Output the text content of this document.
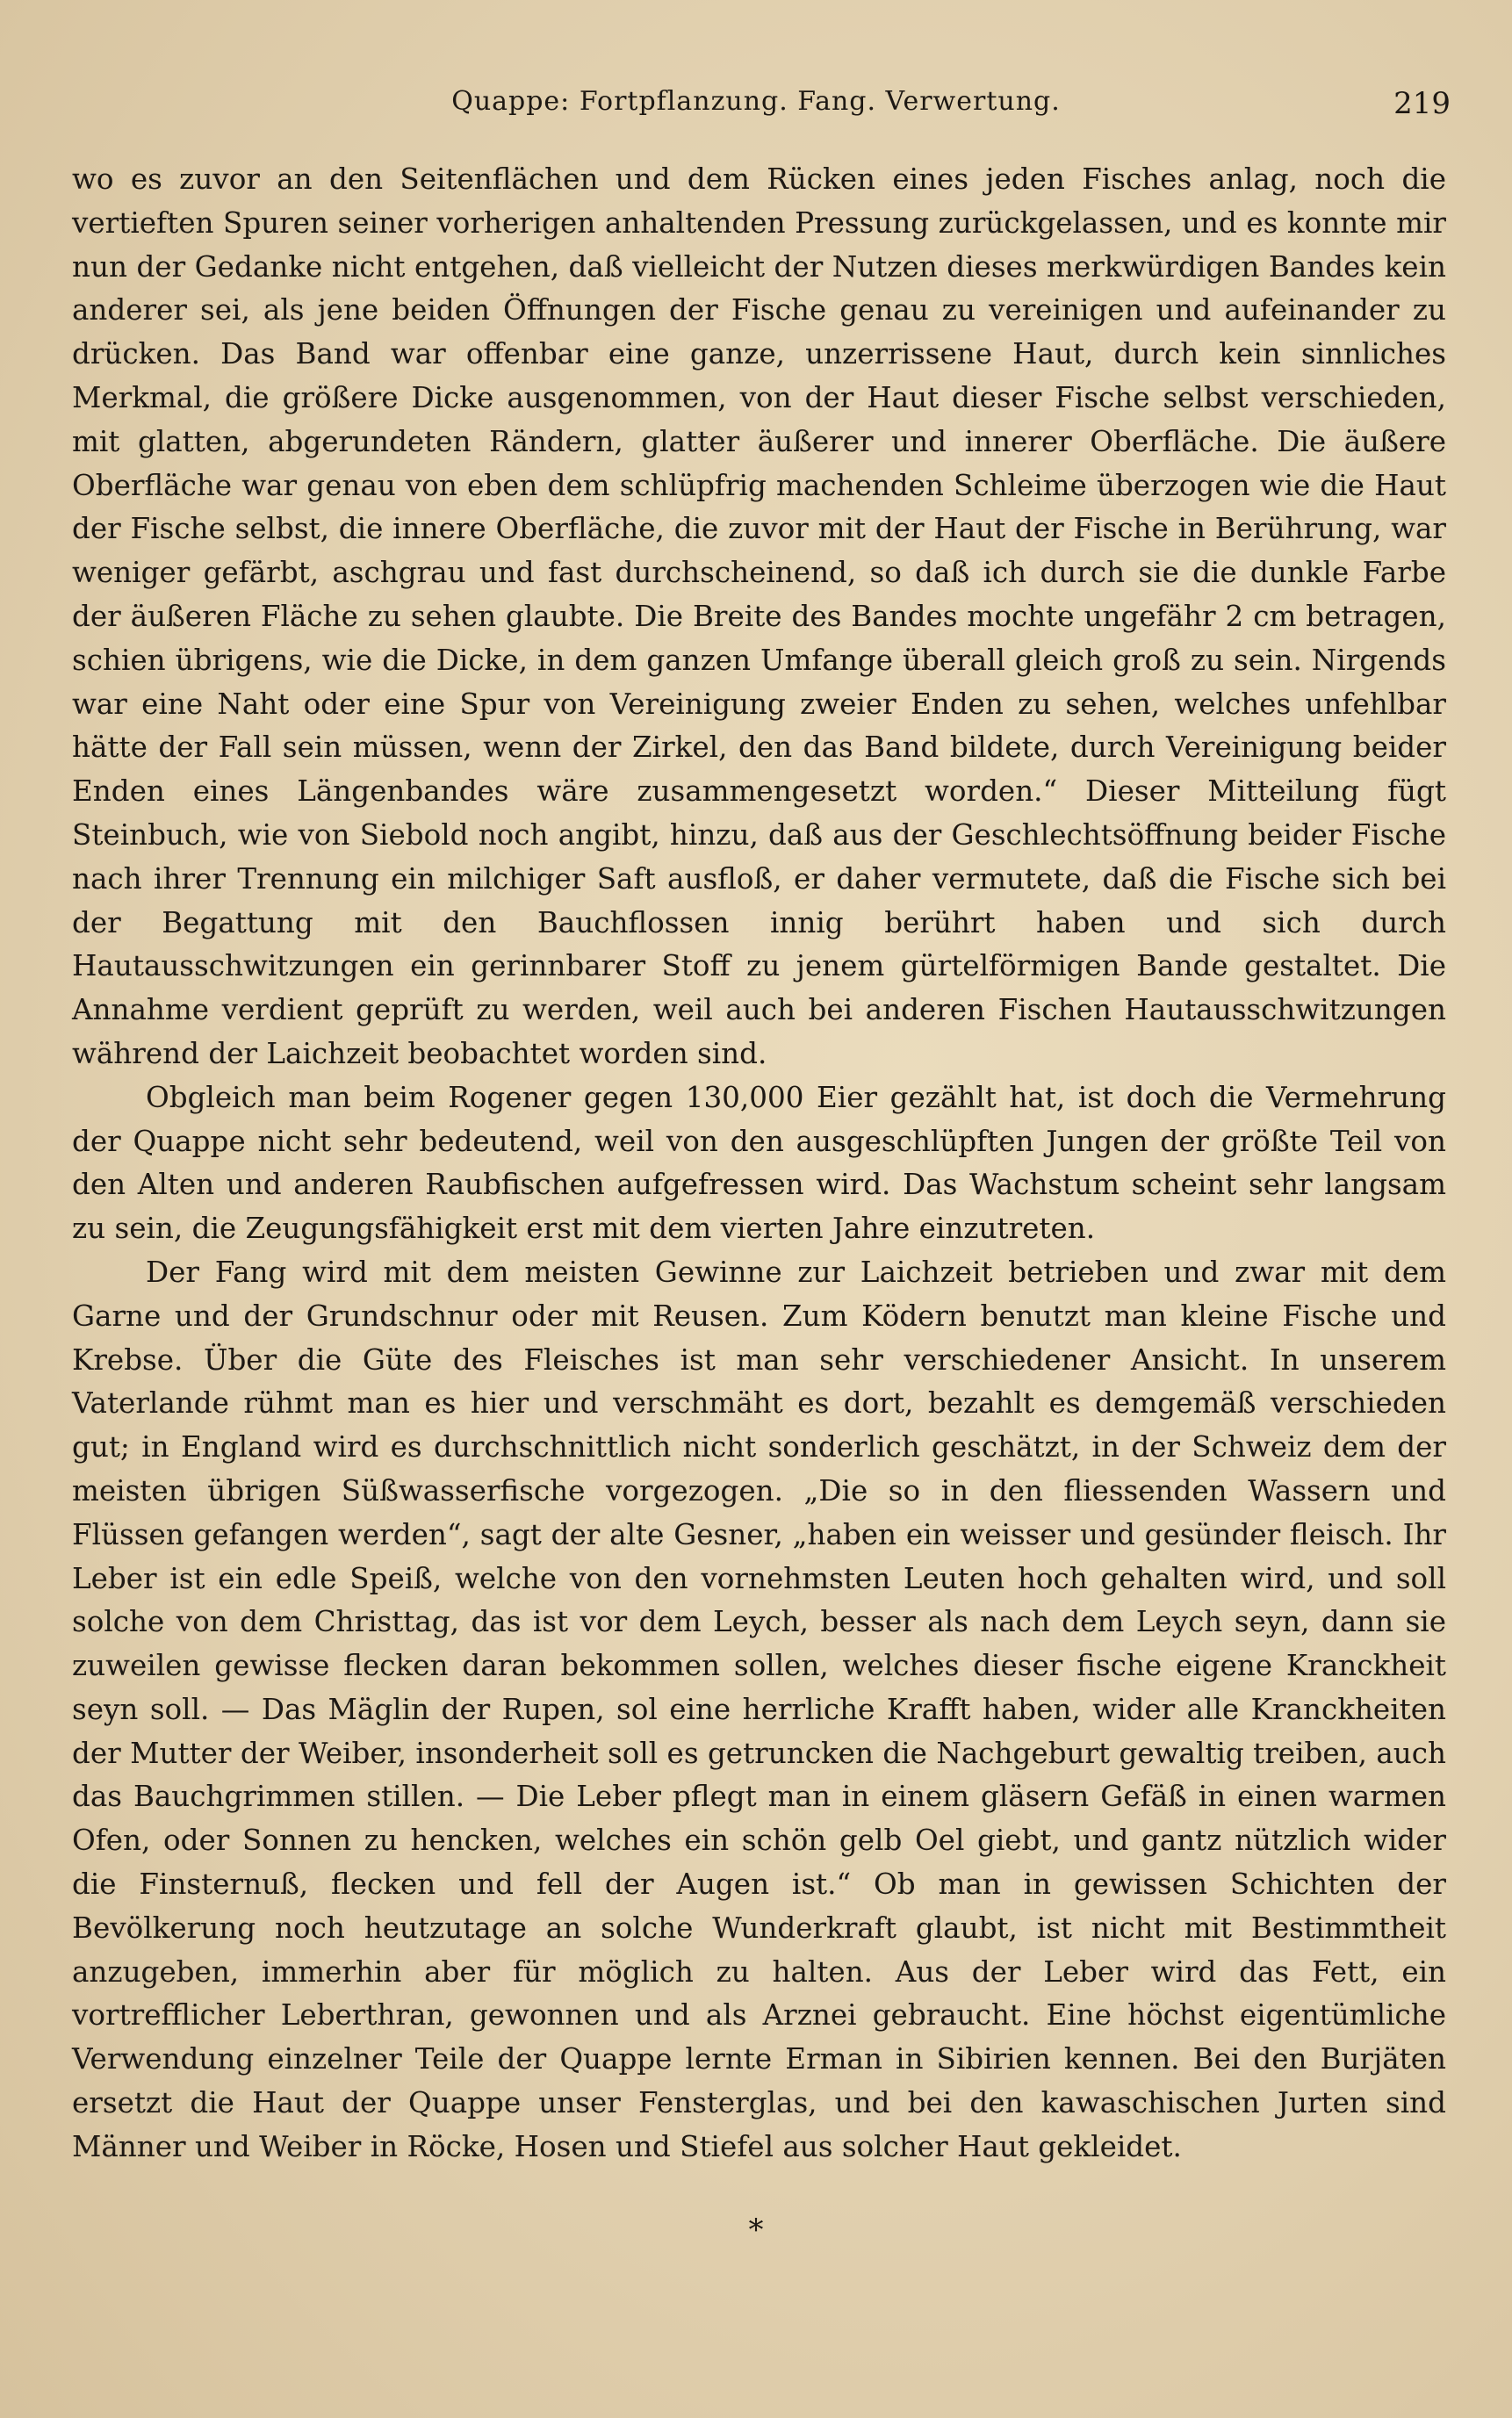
Quappe: Fortpflanzung. Fang. Verwertung.	219

wo es zuvor an den Seitenflächen und dem Rücken eines jeden Fisches anlag, noch die vertieften Spuren seiner vorherigen anhaltenden Pressung zurückgelassen, und es konnte mir nun der Gedanke nicht entgehen, daß vielleicht der Nutzen dieses merkwürdigen Bandes kein anderer sei, als jene beiden Öffnungen der Fische genau zu vereinigen und aufeinander zu drücken. Das Band war offenbar eine ganze, unzerrissene Haut, durch kein sinnliches Merkmal, die größere Dicke ausgenommen, von der Haut dieser Fische selbst verschieden, mit glatten, abgerundeten Rändern, glatter äußerer und innerer Oberfläche. Die äußere Oberfläche war genau von eben dem schlüpfrig machenden Schleime überzogen wie die Haut der Fische selbst, die innere Oberfläche, die zuvor mit der Haut der Fische in Berührung, war weniger gefärbt, aschgrau und fast durchscheinend, so daß ich durch sie die dunkle Farbe der äußeren Fläche zu sehen glaubte. Die Breite des Bandes mochte ungefähr 2 cm betragen, schien übrigens, wie die Dicke, in dem ganzen Umfange überall gleich groß zu sein. Nirgends war eine Naht oder eine Spur von Vereinigung zweier Enden zu sehen, welches unfehlbar hätte der Fall sein müssen, wenn der Zirkel, den das Band bildete, durch Vereinigung beider Enden eines Längenbandes wäre zusammengesetzt worden.“ Dieser Mitteilung fügt Steinbuch, wie von Siebold noch angibt, hinzu, daß aus der Geschlechtsöffnung beider Fische nach ihrer Trennung ein milchiger Saft ausfloß, er daher vermutete, daß die Fische sich bei der Begattung mit den Bauchflossen innig berührt haben und sich durch Hautausschwitzungen ein gerinnbarer Stoff zu jenem gürtelförmigen Bande gestaltet. Die Annahme verdient geprüft zu werden, weil auch bei anderen Fischen Hautausschwitzungen während der Laichzeit beobachtet worden sind.

Obgleich man beim Rogener gegen 130,000 Eier gezählt hat, ist doch die Vermehrung der Quappe nicht sehr bedeutend, weil von den ausgeschlüpften Jungen der größte Teil von den Alten und anderen Raubfischen aufgefressen wird. Das Wachstum scheint sehr langsam zu sein, die Zeugungsfähigkeit erst mit dem vierten Jahre einzutreten.

Der Fang wird mit dem meisten Gewinne zur Laichzeit betrieben und zwar mit dem Garne und der Grundschnur oder mit Reusen. Zum Ködern benutzt man kleine Fische und Krebse. Über die Güte des Fleisches ist man sehr verschiedener Ansicht. In unserem Vaterlande rühmt man es hier und verschmäht es dort, bezahlt es demgemäß verschieden gut; in England wird es durchschnittlich nicht sonderlich geschätzt, in der Schweiz dem der meisten übrigen Süßwasserfische vorgezogen. „Die so in den fliessenden Wassern und Flüssen gefangen werden“, sagt der alte Gesner, „haben ein weisser und gesünder fleisch. Ihr Leber ist ein edle Speiß, welche von den vornehmsten Leuten hoch gehalten wird, und soll solche von dem Christtag, das ist vor dem Leych, besser als nach dem Leych seyn, dann sie zuweilen gewisse flecken daran bekommen sollen, welches dieser fische eigene Kranckheit seyn soll. — Das Mäglin der Rupen, sol eine herrliche Krafft haben, wider alle Kranckheiten der Mutter der Weiber, insonderheit soll es getruncken die Nachgeburt gewaltig treiben, auch das Bauchgrimmen stillen. — Die Leber pflegt man in einem gläsern Gefäß in einen warmen Ofen, oder Sonnen zu hencken, welches ein schön gelb Oel giebt, und gantz nützlich wider die Finsternuß, flecken und fell der Augen ist.“ Ob man in gewissen Schichten der Bevölkerung noch heutzutage an solche Wunderkraft glaubt, ist nicht mit Bestimmtheit anzugeben, immerhin aber für möglich zu halten. Aus der Leber wird das Fett, ein vortrefflicher Leberthran, gewonnen und als Arznei gebraucht. Eine höchst eigentümliche Verwendung einzelner Teile der Quappe lernte Erman in Sibirien kennen. Bei den Burjäten ersetzt die Haut der Quappe unser Fensterglas, und bei den kawaschischen Jurten sind Männer und Weiber in Röcke, Hosen und Stiefel aus solcher Haut gekleidet.

*
